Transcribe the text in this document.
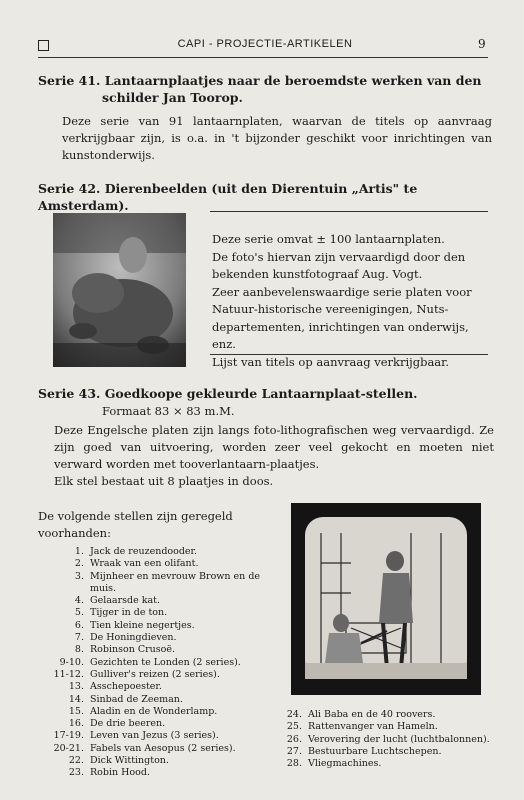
CAPI - PROJECTIE-ARTIKELEN	9
Serie 41. Lantaarnplaatjes naar de beroemdste werken van den
schilder Jan Toorop.
Deze serie van 91 lantaarnplaten, waarvan de titels op aanvraag verkrijgbaar zijn, is o.a. in 't bijzonder geschikt voor inrichtingen van kunstonderwijs.
Serie 42. Dierenbeelden (uit den Dierentuin „Artis" te Amsterdam).
Deze serie omvat ± 100 lantaarnplaten.
De foto's hiervan zijn vervaardigd door den
bekenden kunstfotograaf Aug. Vogt.
Zeer aanbevelenswaardige serie platen voor
Natuur-historische vereenigingen, Nuts-departementen, inrichtingen van onderwijs, enz.
Lijst van titels op aanvraag verkrijgbaar.
Serie 43. Goedkoope gekleurde Lantaarnplaat-stellen.
Formaat 83 × 83 m.M.
Deze Engelsche platen zijn langs foto-lithografischen weg vervaardigd. Ze zijn goed van uitvoering, worden zeer veel gekocht en moeten niet verward worden met tooverlantaarn-plaatjes.
Elk stel bestaat uit 8 plaatjes in doos.
De volgende stellen zijn geregeld voorhanden:
1. Jack de reuzendooder.
2. Wraak van een olifant.
3. Mijnheer en mevrouw Brown en de muis.
4. Gelaarsde kat.
5. Tijger in de ton.
6. Tien kleine negertjes.
7. De Honingdieven.
8. Robinson Crusoë.
9-10. Gezichten te Londen (2 series).
11-12. Gulliver's reizen (2 series).
13. Asschepoester.
14. Sinbad de Zeeman.
15. Aladin en de Wonderlamp.
16. De drie beeren.
17-19. Leven van Jezus (3 series).
20-21. Fabels van Aesopus (2 series).
22. Dick Wittington.
23. Robin Hood.
24. Ali Baba en de 40 roovers.
25. Rattenvanger van Hameln.
26. Verovering der lucht (luchtbalonnen).
27. Bestuurbare Luchtschepen.
28. Vliegmachines.
